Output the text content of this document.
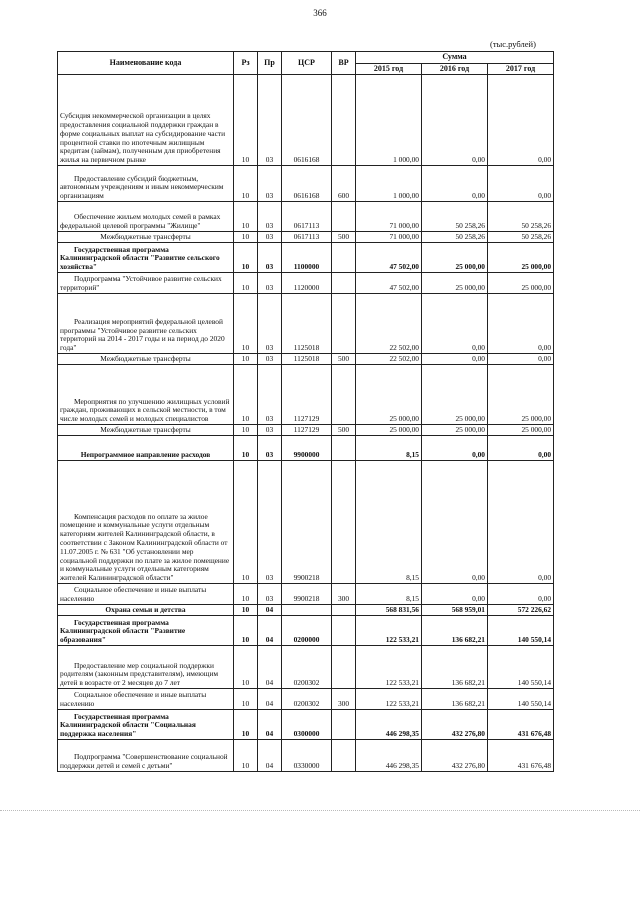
366
(тыс.рублей)
Наименование кода	Рз	Пр	ЦСР	ВР	Сумма		
					2015 год	2016 год	2017 год
Субсидия некоммерческой организации в целях предоставления социальной поддержки граждан в форме социальных выплат на субсидирование части процентной ставки по ипотечным жилищным кредитам (займам), полученным для приобретения жилья на первичном рынке	10	03	0616168		1 000,00	0,00	0,00
Предоставление субсидий бюджетным, автономным учреждениям и иным некоммерческим организациям	10	03	0616168	600	1 000,00	0,00	0,00
Обеспечение жильем молодых семей в рамках федеральной целевой программы "Жилище"	10	03	0617113		71 000,00	50 258,26	50 258,26
Межбюджетные трансферты	10	03	0617113	500	71 000,00	50 258,26	50 258,26
Государственная программа Калининградской области "Развитие сельского хозяйства"	10	03	1100000		47 502,00	25 000,00	25 000,00
Подпрограмма "Устойчивое развитие сельских территорий"	10	03	1120000		47 502,00	25 000,00	25 000,00
Реализация мероприятий федеральной целевой программы "Устойчивое развитие сельских территорий на 2014 - 2017 годы и на период до 2020 года"	10	03	1125018		22 502,00	0,00	0,00
Межбюджетные трансферты	10	03	1125018	500	22 502,00	0,00	0,00
Мероприятия по улучшению жилищных условий граждан, проживающих в сельской местности, в том числе молодых семей и молодых специалистов	10	03	1127129		25 000,00	25 000,00	25 000,00
Межбюджетные трансферты	10	03	1127129	500	25 000,00	25 000,00	25 000,00
Непрограммное направление расходов	10	03	9900000		8,15	0,00	0,00
Компенсация расходов по оплате за жилое помещение и коммунальные услуги отдельным категориям жителей Калининградской области, в соответствии с Законом Калининградской области от 11.07.2005 г. № 631 "Об установлении мер социальной поддержки по плате за жилое помещение и коммунальные услуги отдельным категориям жителей Калининградской области"	10	03	9900218		8,15	0,00	0,00
Социальное обеспечение и иные выплаты населению	10	03	9900218	300	8,15	0,00	0,00
Охрана семьи и детства	10	04			568 831,56	568 959,01	572 226,62
Государственная программа Калининградской области "Развитие образования"	10	04	0200000		122 533,21	136 682,21	140 550,14
Предоставление мер социальной поддержки родителям (законным представителям), имеющим детей в возрасте от 2 месяцев до 7 лет	10	04	0200302		122 533,21	136 682,21	140 550,14
Социальное обеспечение и иные выплаты населению	10	04	0200302	300	122 533,21	136 682,21	140 550,14
Государственная программа Калининградской области "Социальная поддержка населения"	10	04	0300000		446 298,35	432 276,80	431 676,48
Подпрограмма "Совершенствование социальной поддержки детей и семей с детьми"	10	04	0330000		446 298,35	432 276,80	431 676,48
